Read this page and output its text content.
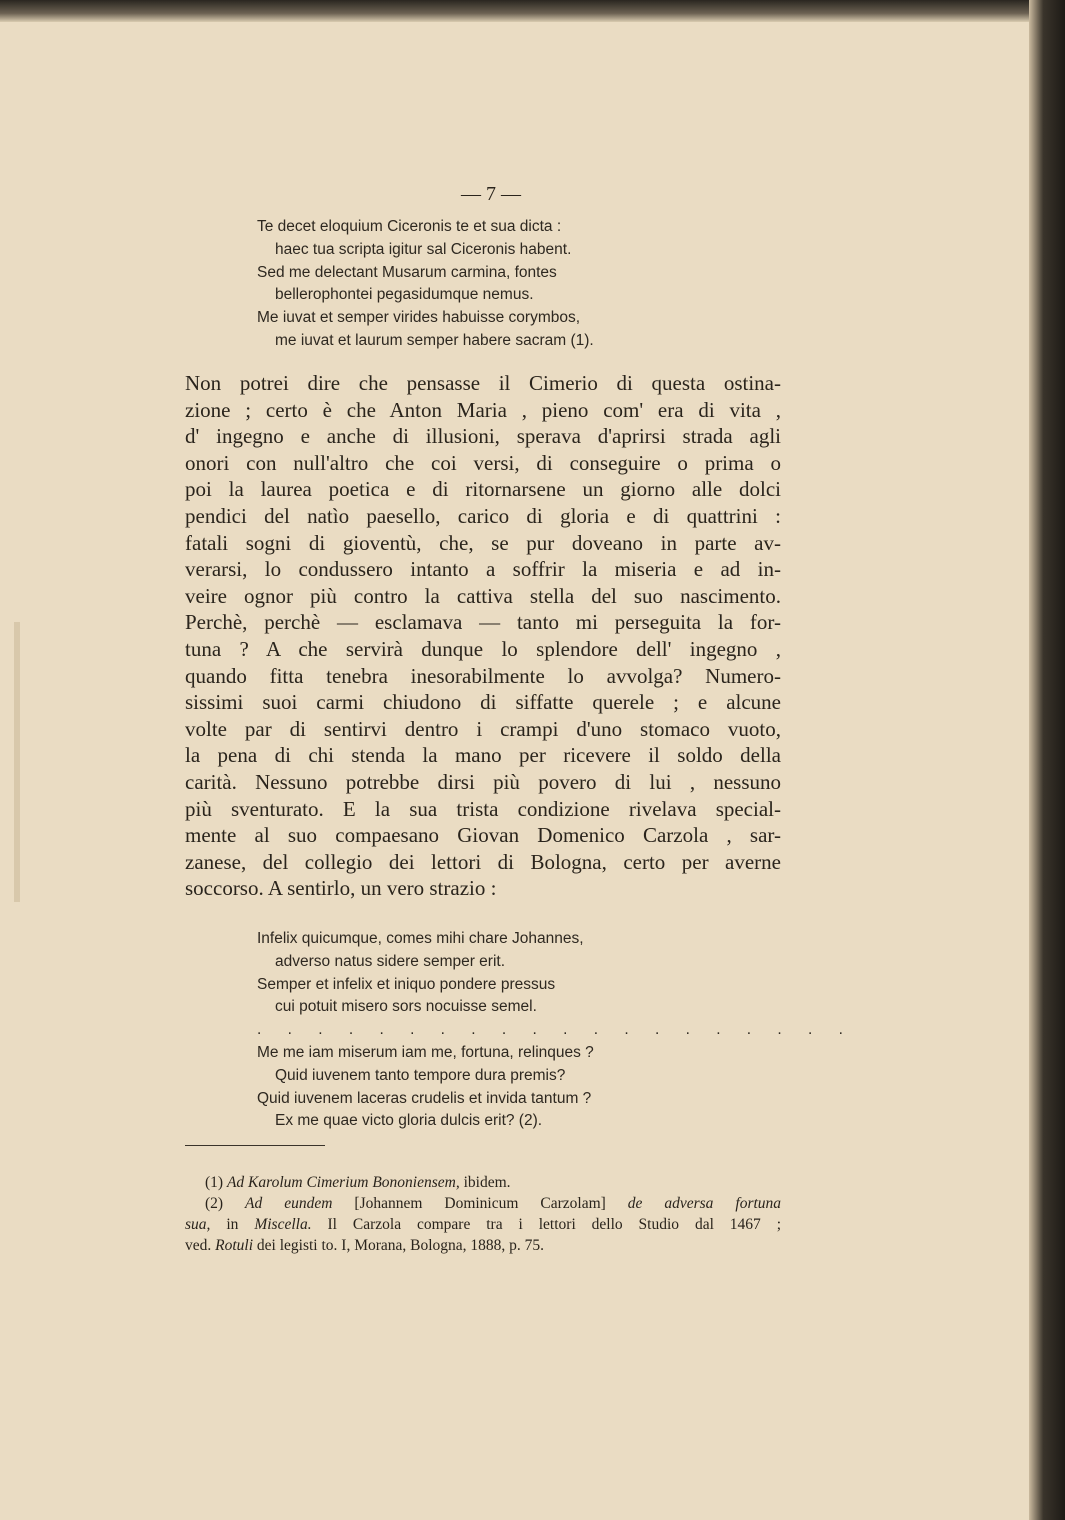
— 7 —
Te decet eloquium Ciceronis te et sua dicta :
haec tua scripta igitur sal Ciceronis habent.
Sed me delectant Musarum carmina, fontes
bellerophontei pegasidumque nemus.
Me iuvat et semper virides habuisse corymbos,
me iuvat et laurum semper habere sacram (1).
Non potrei dire che pensasse il Cimerio di questa ostina-
zione ; certo è che Anton Maria , pieno com' era di vita ,
d' ingegno e anche di illusioni, sperava d'aprirsi strada agli
onori con null'altro che coi versi, di conseguire o prima o
poi la laurea poetica e di ritornarsene un giorno alle dolci
pendici del natìo paesello, carico di gloria e di quattrini :
fatali sogni di gioventù, che, se pur doveano in parte av-
verarsi, lo condussero intanto a soffrir la miseria e ad in-
veire ognor più contro la cattiva stella del suo nascimento.
Perchè, perchè — esclamava — tanto mi perseguita la for-
tuna ? A che servirà dunque lo splendore dell' ingegno ,
quando fitta tenebra inesorabilmente lo avvolga? Numero-
sissimi suoi carmi chiudono di siffatte querele ; e alcune
volte par di sentirvi dentro i crampi d'uno stomaco vuoto,
la pena di chi stenda la mano per ricevere il soldo della
carità. Nessuno potrebbe dirsi più povero di lui , nessuno
più sventurato. E la sua trista condizione rivelava special-
mente al suo compaesano Giovan Domenico Carzola , sar-
zanese, del collegio dei lettori di Bologna, certo per averne
soccorso. A sentirlo, un vero strazio :
Infelix quicumque, comes mihi chare Johannes,
adverso natus sidere semper erit.
Semper et infelix et iniquo pondere pressus
cui potuit misero sors nocuisse semel.
. . . . . . . . . . . . . . . . . . . .
Me me iam miserum iam me, fortuna, relinques ?
Quid iuvenem tanto tempore dura premis?
Quid iuvenem laceras crudelis et invida tantum ?
Ex me quae victo gloria dulcis erit? (2).
(1) Ad Karolum Cimerium Bononiensem, ibidem.
(2) Ad eundem [Johannem Dominicum Carzolam] de adversa fortuna
sua, in Miscella. Il Carzola compare tra i lettori dello Studio dal 1467 ;
ved. Rotuli dei legisti to. I, Morana, Bologna, 1888, p. 75.
